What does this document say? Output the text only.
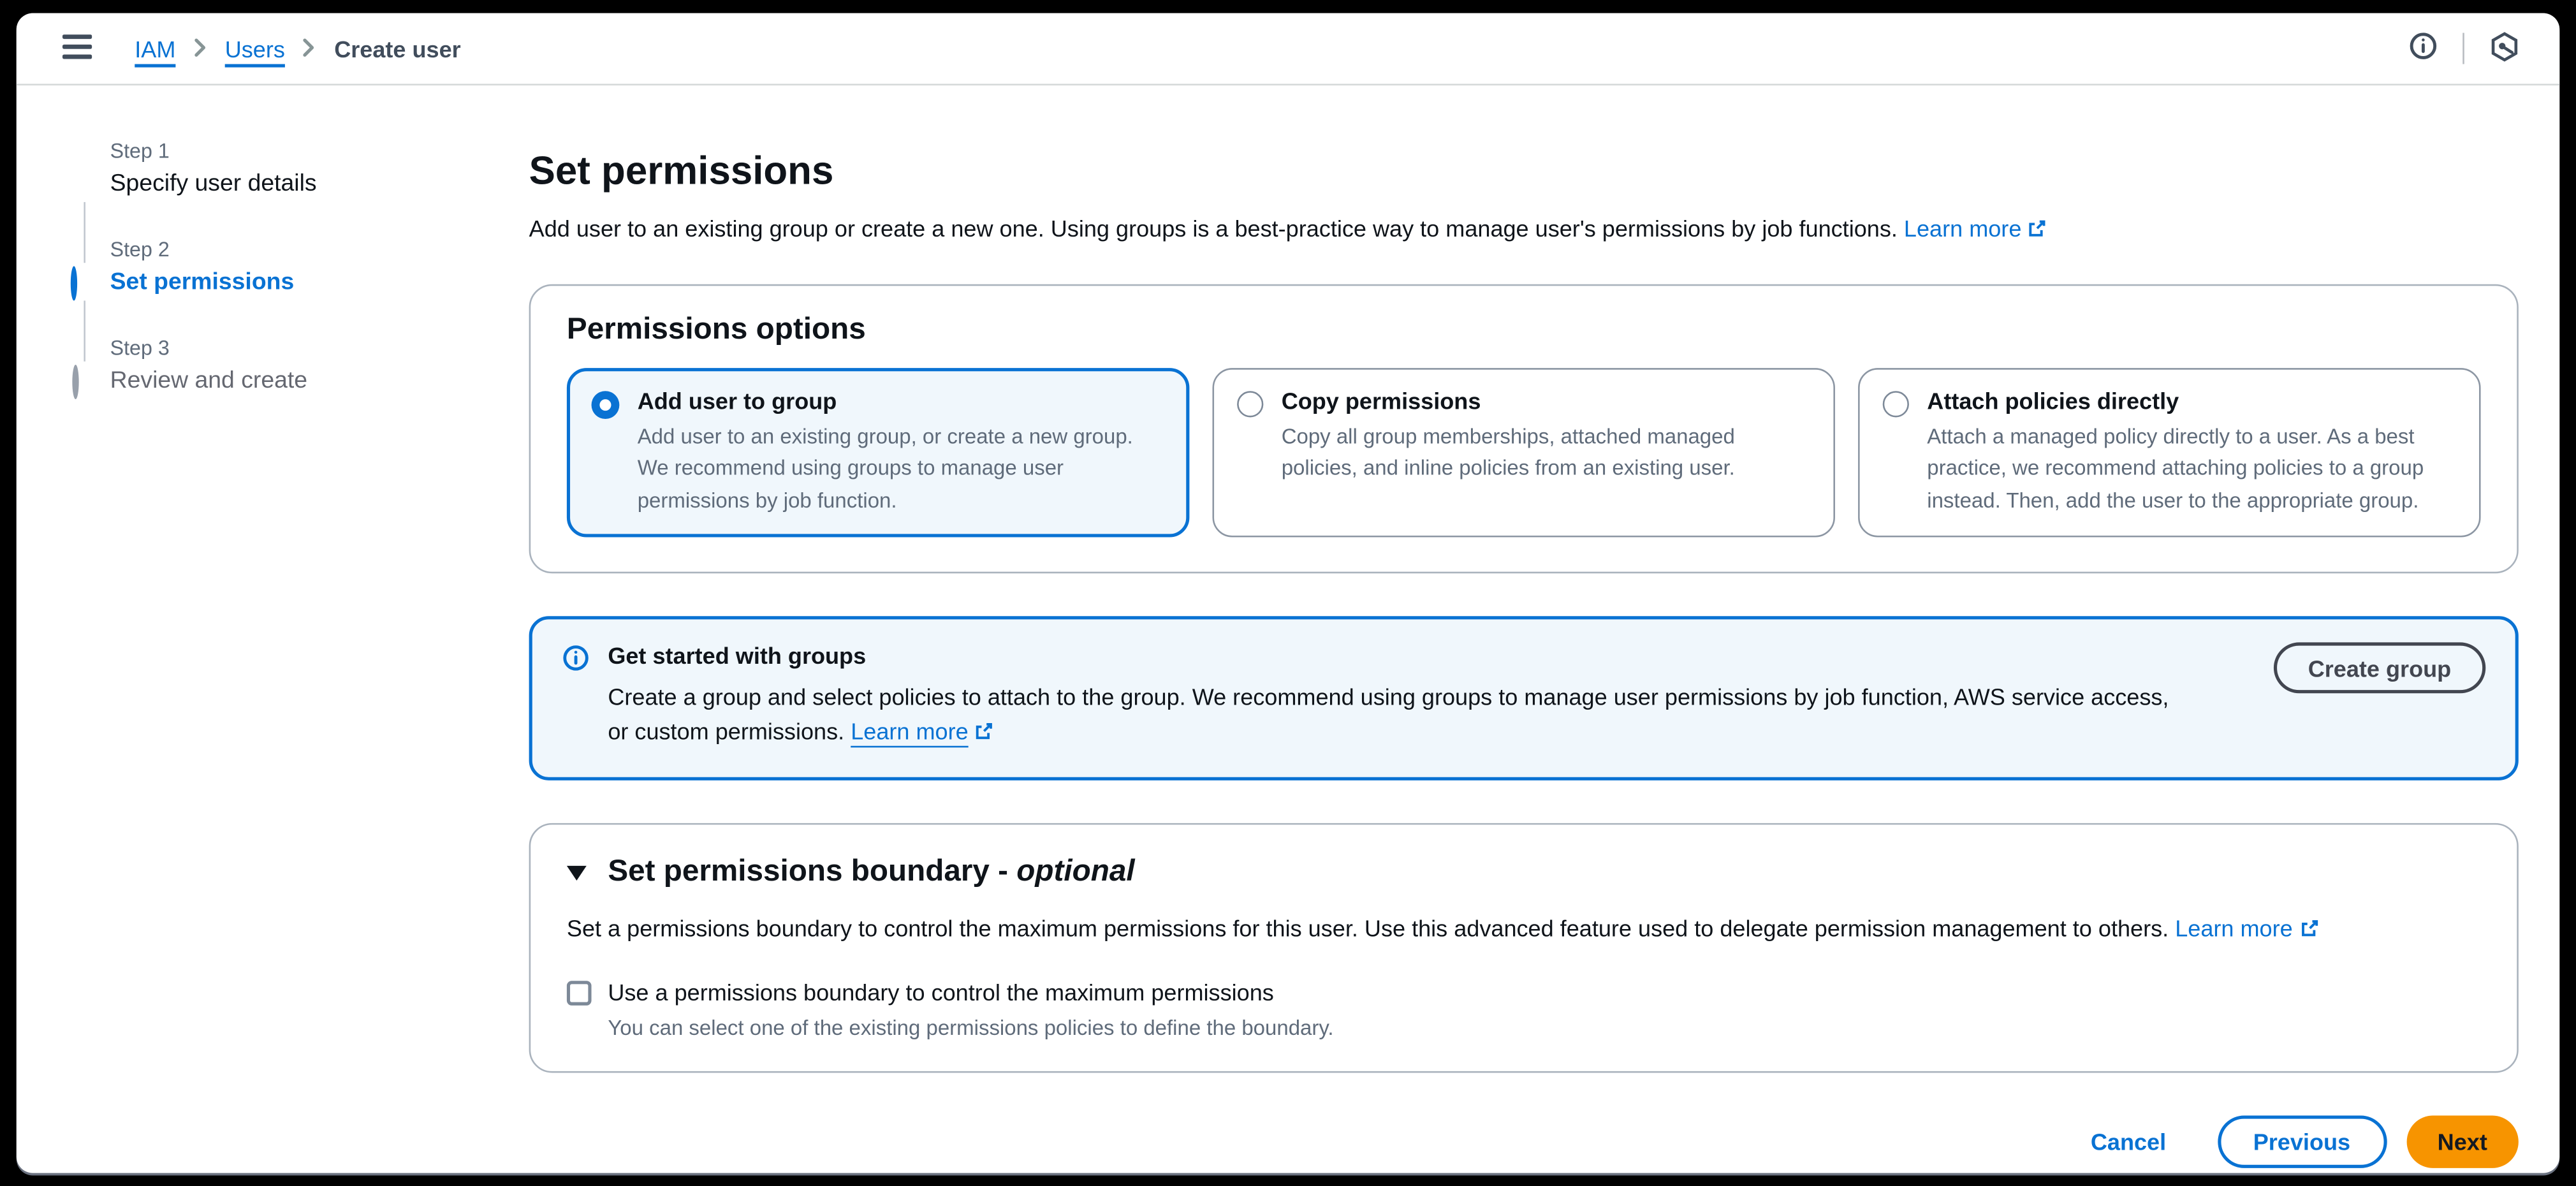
IAM	Users	Create user
Step 1
Specify user details
Step 2
Set permissions
Step 3
Review and create
Set permissions

Add user to an existing group or create a new one. Using groups is a best-practice way to manage user's permissions by job functions. Learn more

Permissions options
Add user to group
Add user to an existing group, or create a new group. We recommend using groups to manage user permissions by job function.
Copy permissions
Copy all group memberships, attached managed policies, and inline policies from an existing user.
Attach policies directly
Attach a managed policy directly to a user. As a best practice, we recommend attaching policies to a group instead. Then, add the user to the appropriate group.
Get started with groups
Create a group and select policies to attach to the group. We recommend using groups to manage user permissions by job function, AWS service access,
or custom permissions. Learn more
Create group
Set permissions boundary - optional

Set a permissions boundary to control the maximum permissions for this user. Use this advanced feature used to delegate permission management to others. Learn more

Use a permissions boundary to control the maximum permissions
You can select one of the existing permissions policies to define the boundary.
Cancel	Previous	Next
